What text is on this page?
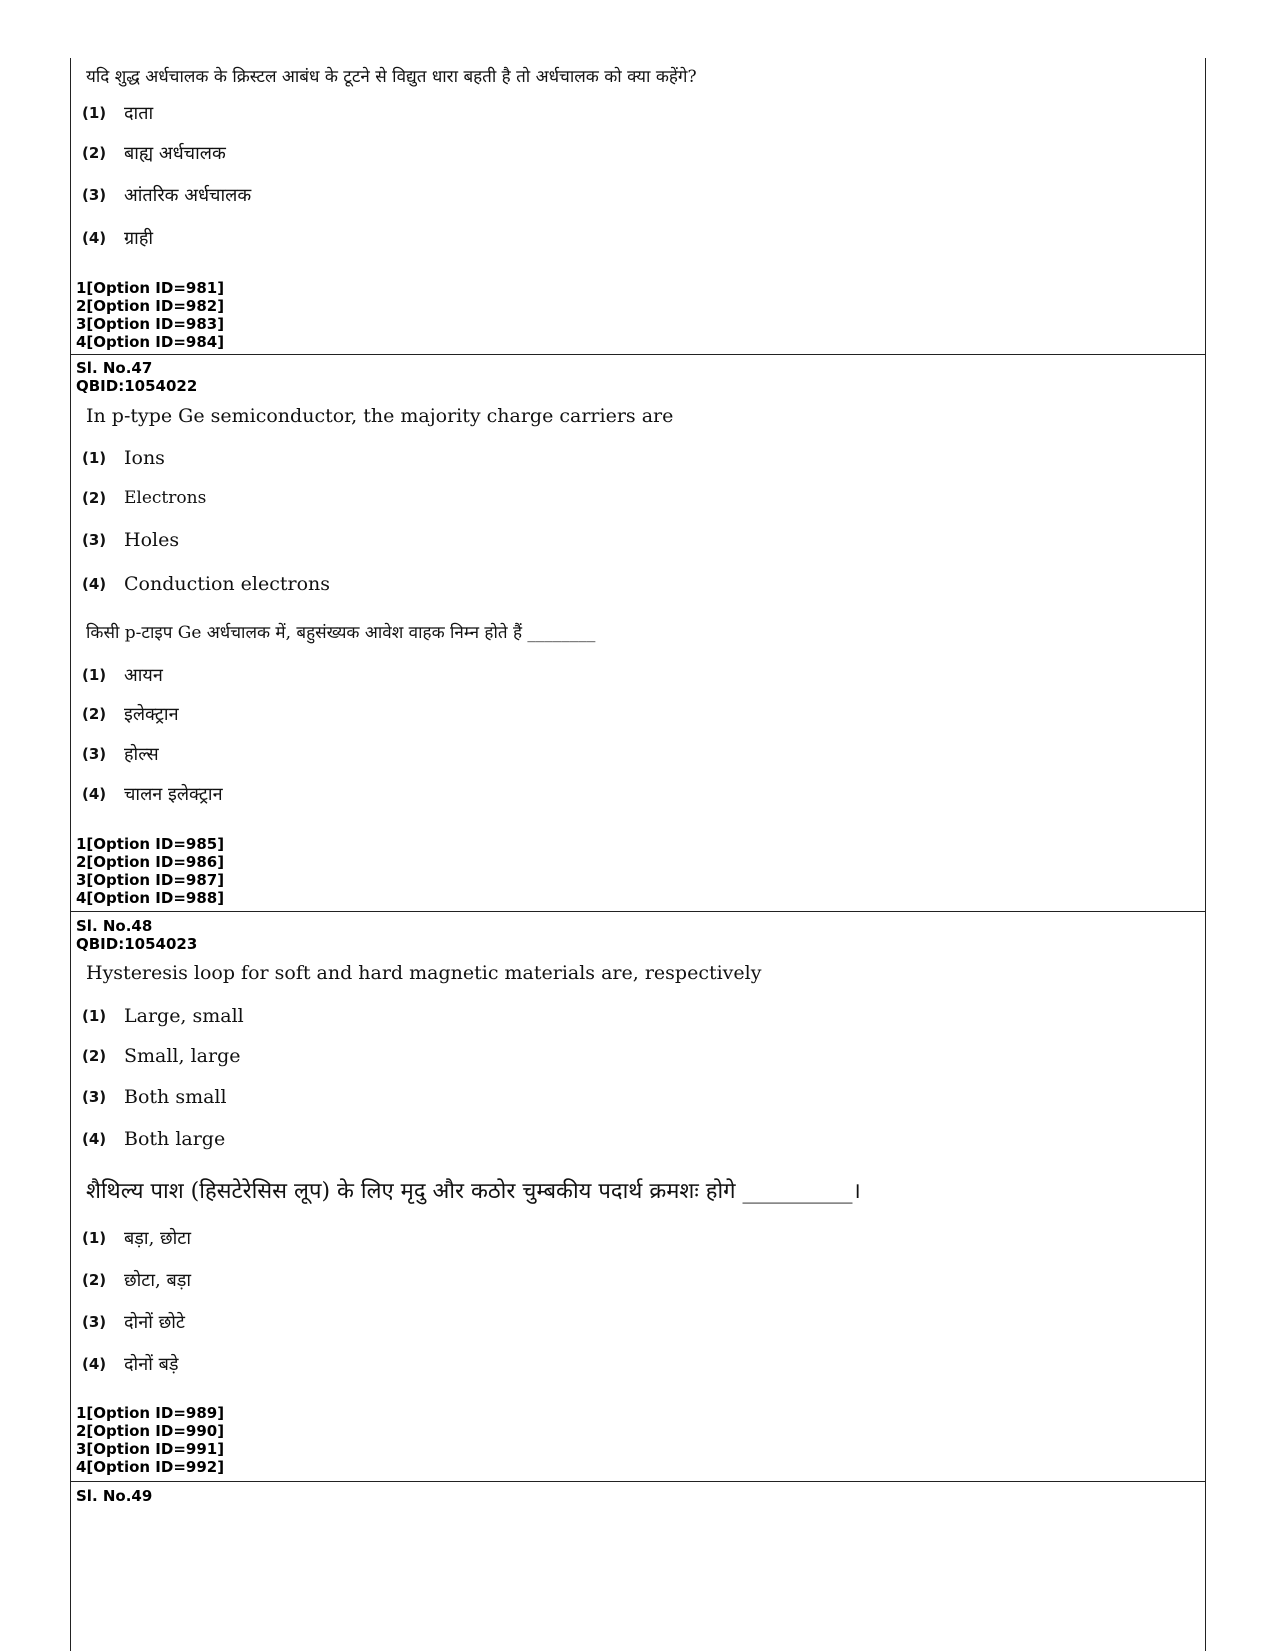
यदि शुद्ध अर्धचालक के क्रिस्टल आबंध के टूटने से विद्युत धारा बहती है तो अर्धचालक को क्या कहेंगे?
(1) दाता
(2) बाह्य अर्धचालक
(3) आंतरिक अर्धचालक
(4) ग्राही
1[Option ID=981]
2[Option ID=982]
3[Option ID=983]
4[Option ID=984]
Sl. No.47
QBID:1054022
In p-type Ge semiconductor, the majority charge carriers are
(1) Ions
(2)	Electrons
(3) Holes
(4) Conduction electrons
किसी p-टाइप Ge अर्धचालक में, बहुसंख्यक आवेश वाहक निम्न होते हैं ________
(1) आयन
(2) इलेक्ट्रान
(3) होल्स
(4) चालन इलेक्ट्रान
1[Option ID=985]
2[Option ID=986]
3[Option ID=987]
4[Option ID=988]
Sl. No.48
QBID:1054023
Hysteresis loop for soft and hard magnetic materials are, respectively
(1) Large, small
(2) Small, large
(3) Both small
(4) Both large
शैथिल्य पाश (हिसटेरेसिस लूप) के लिए मृदु और कठोर चुम्बकीय पदार्थ क्रमशः होगे __________।
(1) बड़ा, छोटा
(2) छोटा, बड़ा
(3) दोनों छोटे
(4) दोनों बड़े
1[Option ID=989]
2[Option ID=990]
3[Option ID=991]
4[Option ID=992]
Sl. No.49
